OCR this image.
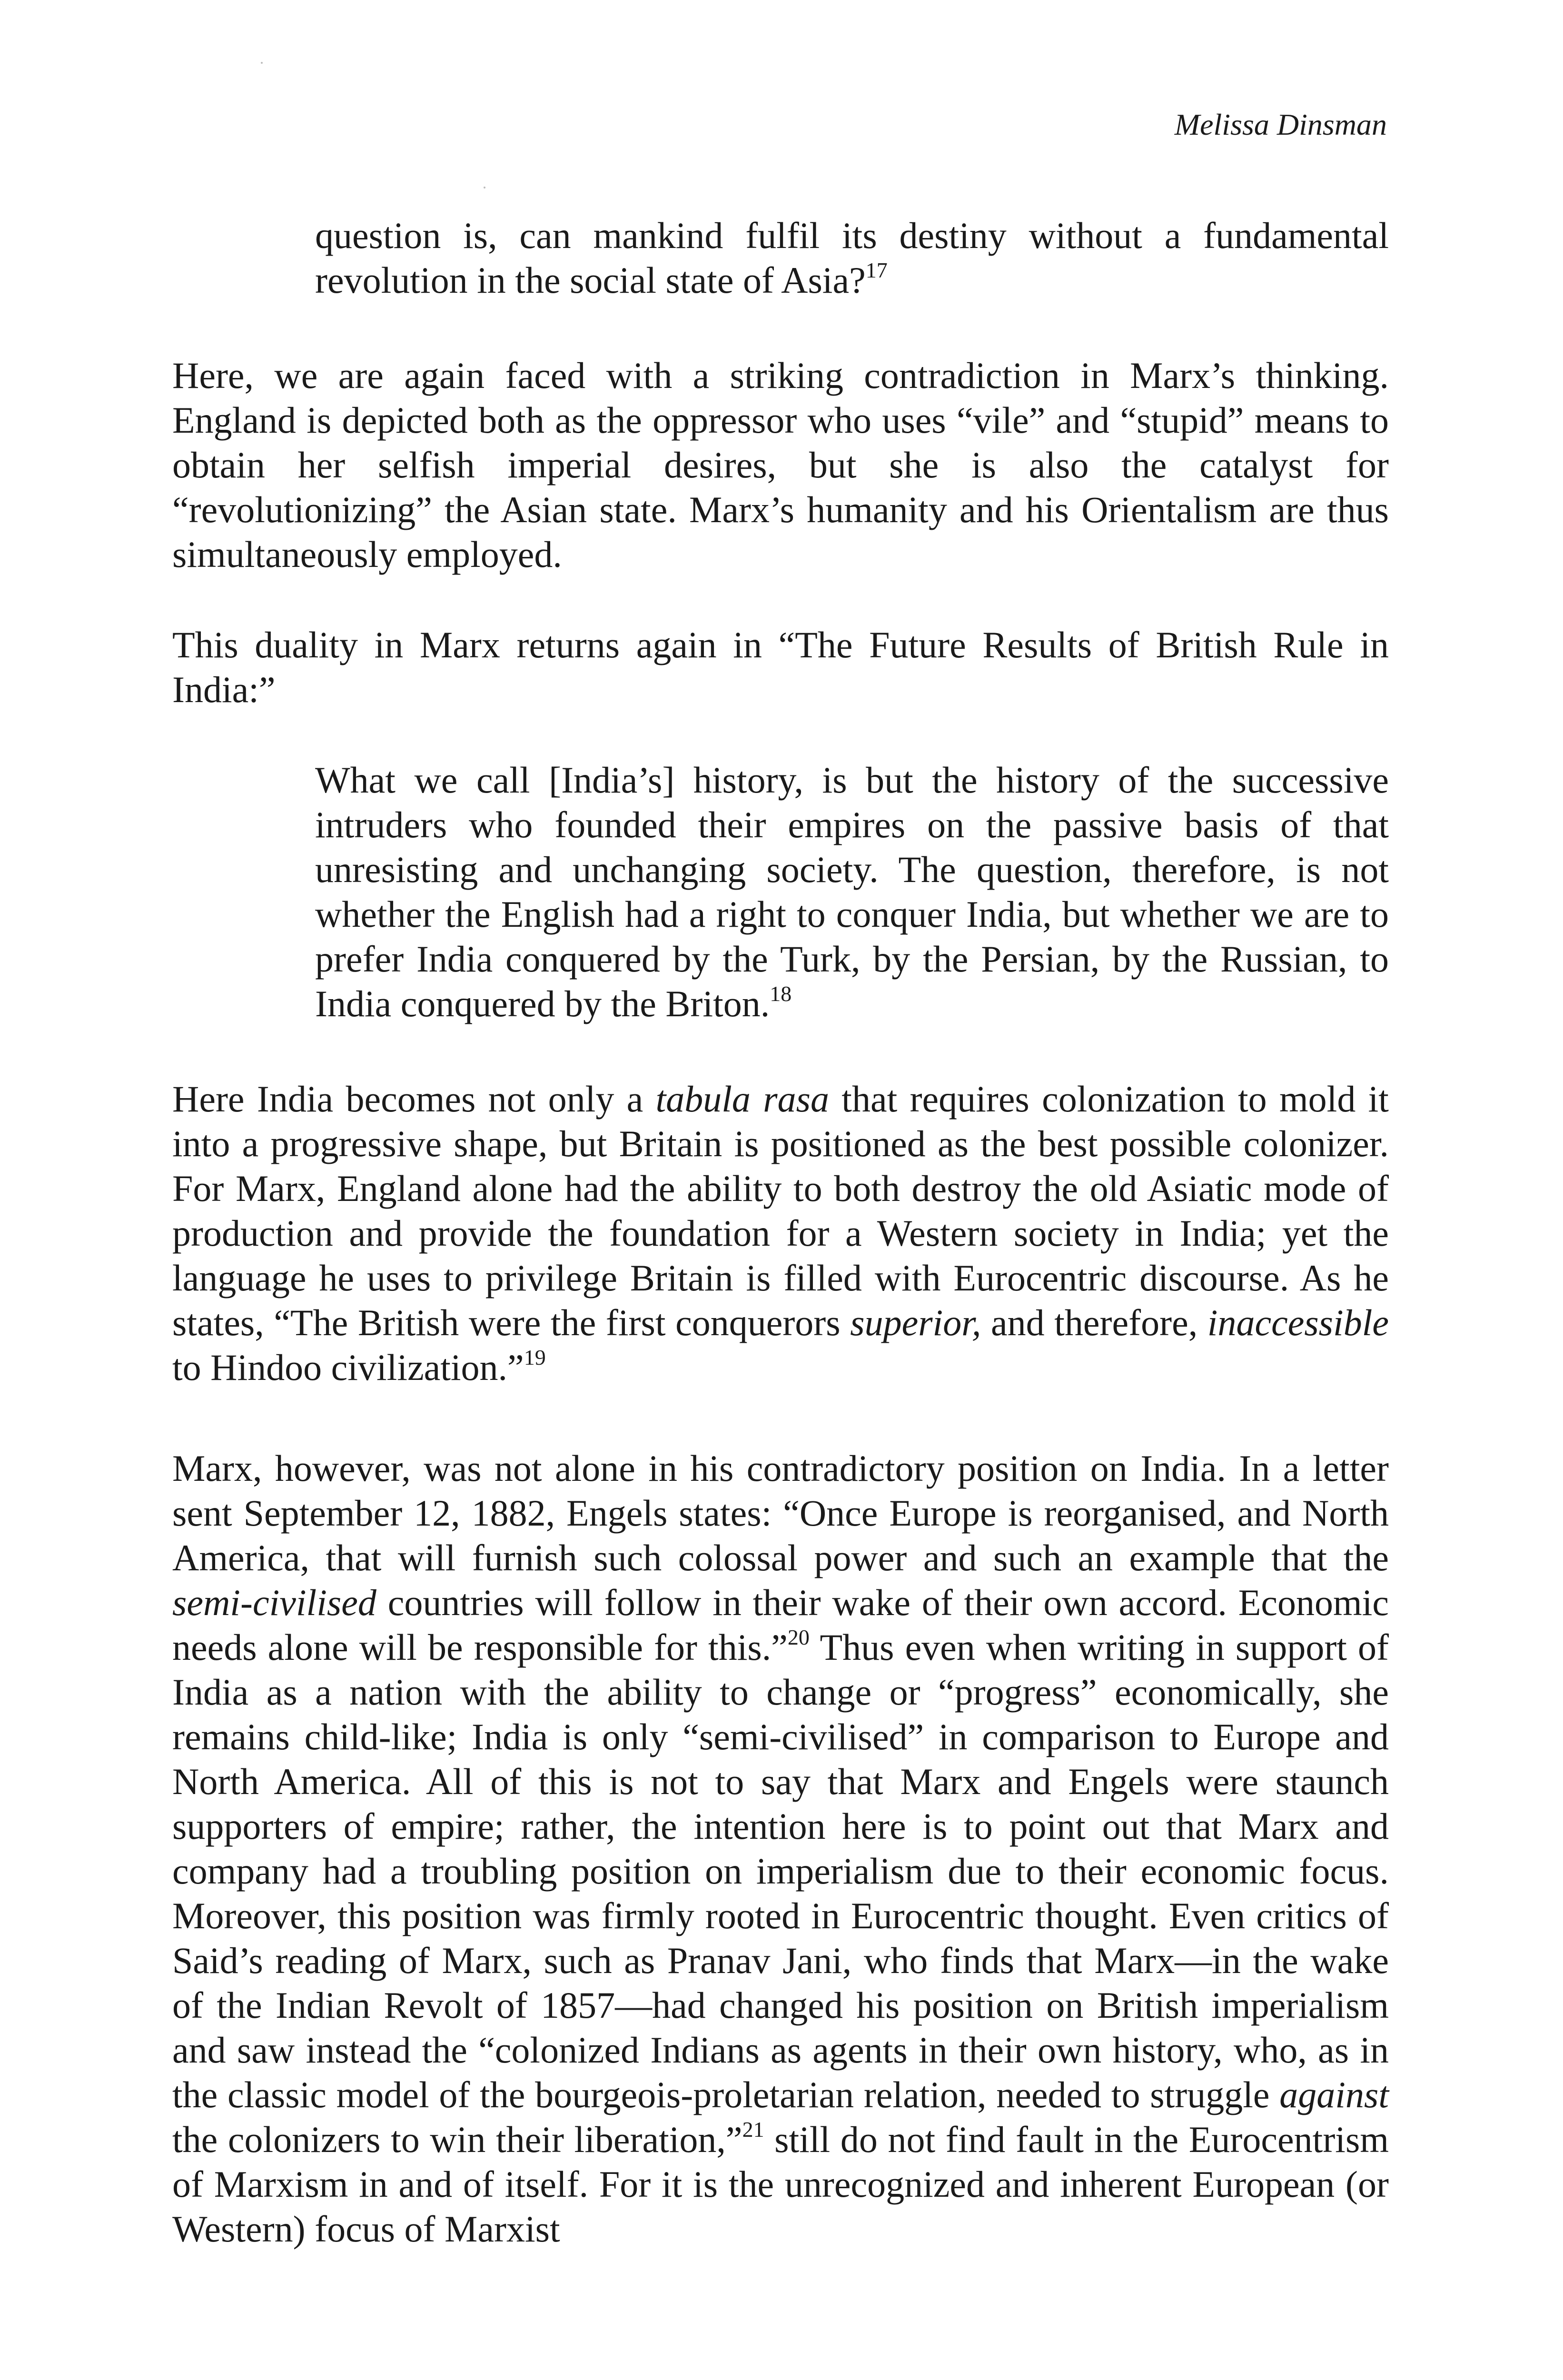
Melissa Dinsman

question is, can mankind fulfil its destiny without a fundamental revolution in the social state of Asia?$^{17}$

Here, we are again faced with a striking contradiction in Marx’s thinking. England is depicted both as the oppressor who uses “vile” and “stupid” means to obtain her selfish imperial desires, but she is also the catalyst for “revolutionizing” the Asian state. Marx’s humanity and his Orientalism are thus simultaneously employed.

This duality in Marx returns again in “The Future Results of British Rule in India:”

What we call [India’s] history, is but the history of the successive intruders who founded their empires on the passive basis of that unresisting and unchanging society. The question, therefore, is not whether the English had a right to conquer India, but whether we are to prefer India conquered by the Turk, by the Persian, by the Russian, to India conquered by the Briton.$^{18}$

Here India becomes not only a tabula rasa that requires colonization to mold it into a progressive shape, but Britain is positioned as the best possible colonizer. For Marx, England alone had the ability to both destroy the old Asiatic mode of production and provide the foundation for a Western society in India; yet the language he uses to privilege Britain is filled with Eurocentric discourse. As he states, “The British were the first conquerors superior, and therefore, inaccessible to Hindoo civilization.”$^{19}$

Marx, however, was not alone in his contradictory position on India. In a letter sent September 12, 1882, Engels states: “Once Europe is reorganised, and North America, that will furnish such colossal power and such an example that the semi-civilised countries will follow in their wake of their own accord. Economic needs alone will be responsible for this.”$^{20}$ Thus even when writing in support of India as a nation with the ability to change or “progress” economically, she remains child-like; India is only “semi-civilised” in comparison to Europe and North America. All of this is not to say that Marx and Engels were staunch supporters of empire; rather, the intention here is to point out that Marx and company had a troubling position on imperialism due to their economic focus. Moreover, this position was firmly rooted in Eurocentric thought. Even critics of Said’s reading of Marx, such as Pranav Jani, who finds that Marx—in the wake of the Indian Revolt of 1857—had changed his position on British imperialism and saw instead the “colonized Indians as agents in their own history, who, as in the classic model of the bourgeois-proletarian relation, needed to struggle against the colonizers to win their liberation,”$^{21}$ still do not find fault in the Eurocentrism of Marxism in and of itself. For it is the unrecognized and inherent European (or Western) focus of Marxist
